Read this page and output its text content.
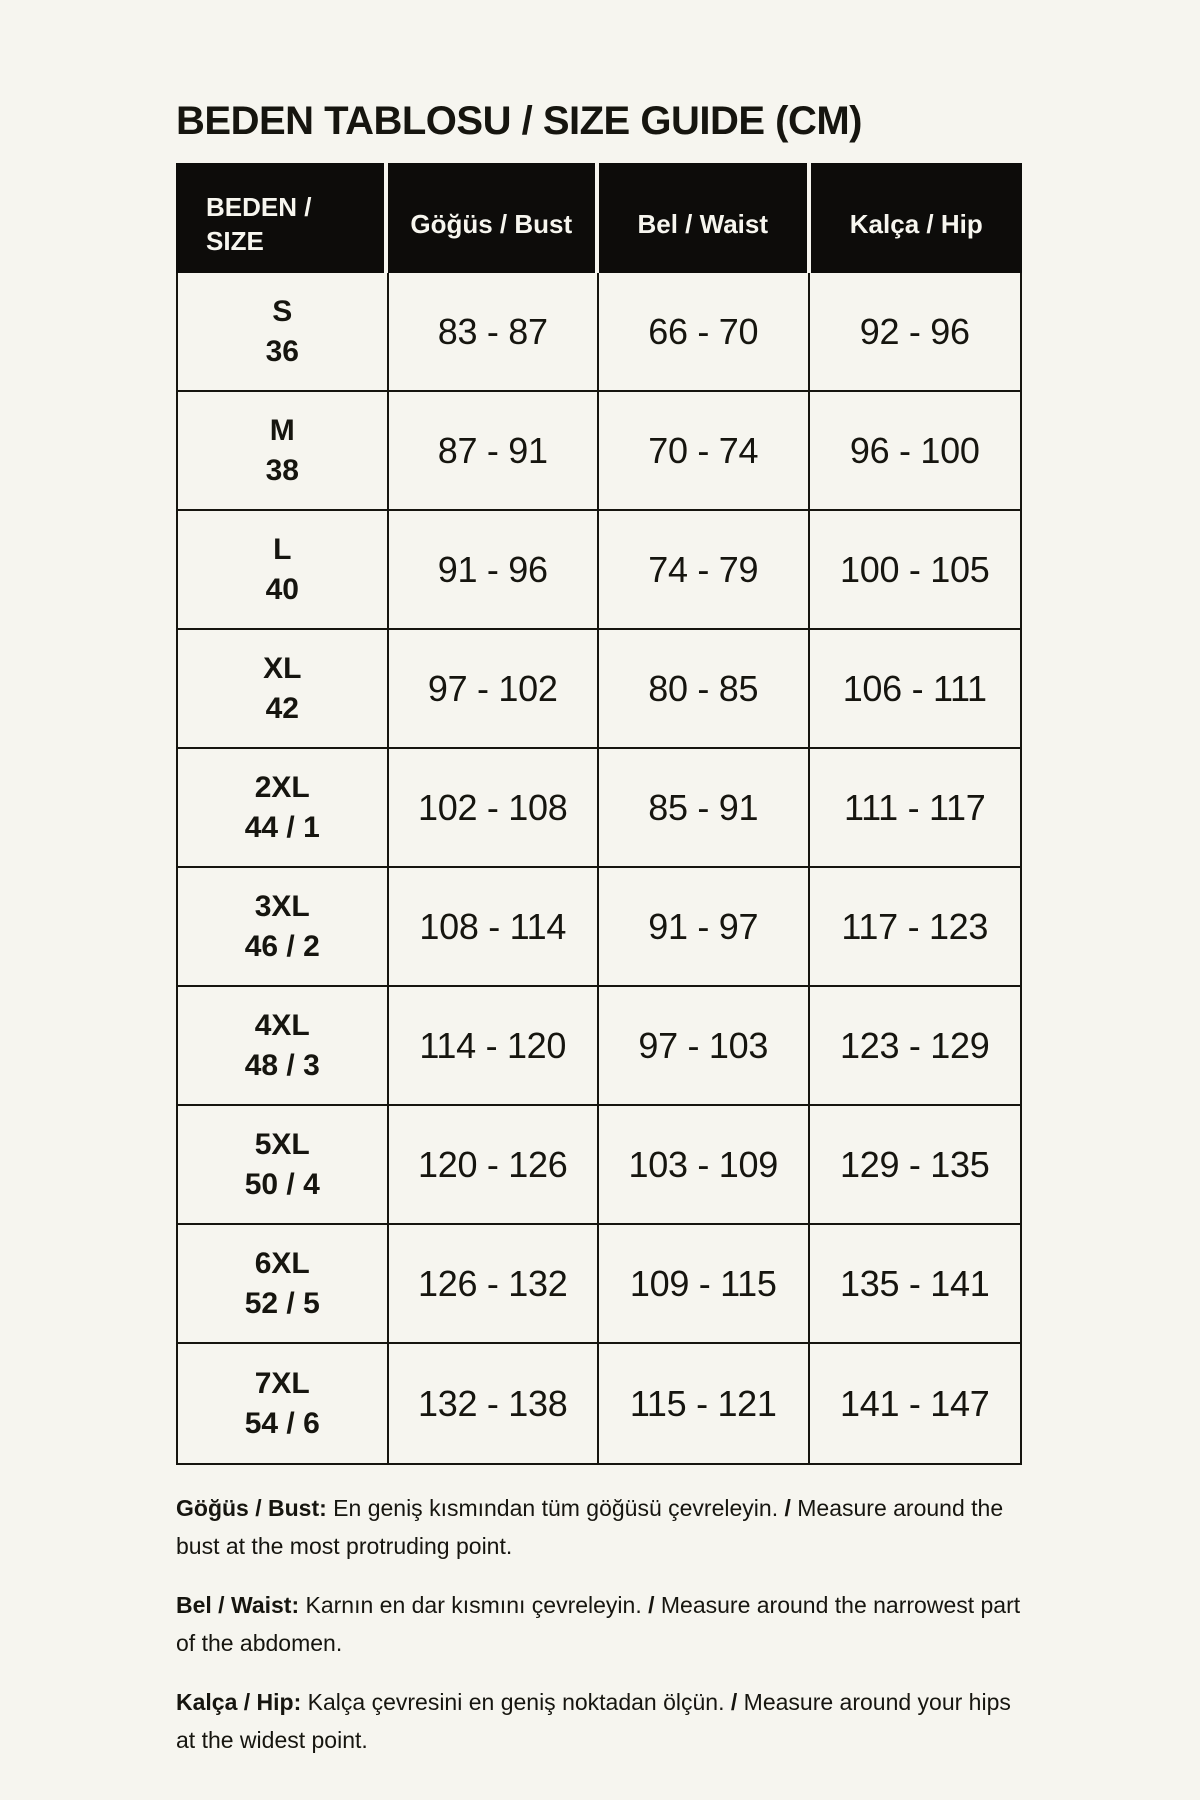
BEDEN TABLOSU / SIZE GUIDE (CM)
BEDEN /
SIZE
Göğüs / Bust	Bel / Waist	Kalça / Hip
S
36	83 - 87	66 - 70	92 - 96
M
38	87 - 91	70 - 74	96 - 100
L
40	91 - 96	74 - 79	100 - 105
XL
42	97 - 102	80 - 85	106 - 111
2XL
44 / 1	102 - 108	85 - 91	111 - 117
3XL
46 / 2	108 - 114	91 - 97	117 - 123
4XL
48 / 3	114 - 120	97 - 103	123 - 129
5XL
50 / 4	120 - 126	103 - 109	129 - 135
6XL
52 / 5	126 - 132	109 - 115	135 - 141
7XL
54 / 6	132 - 138	115 - 121	141 - 147

Göğüs / Bust: En geniş kısmından tüm göğüsü çevreleyin. / Measure around the bust at the most protruding point.

Bel / Waist: Karnın en dar kısmını çevreleyin. / Measure around the narrowest part of the abdomen.

Kalça / Hip: Kalça çevresini en geniş noktadan ölçün. / Measure around your hips at the widest point.
